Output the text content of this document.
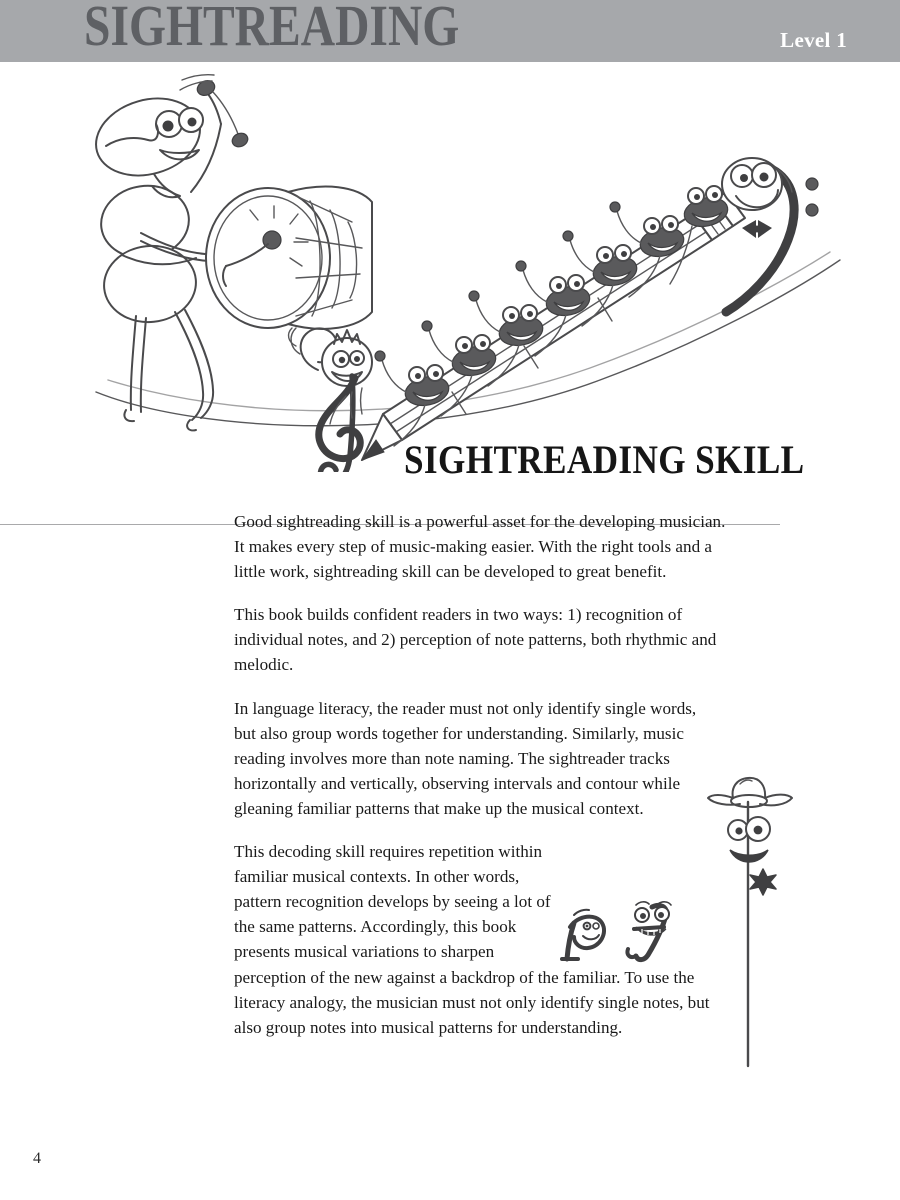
SIGHTREADING	Level 1
SIGHTREADING SKILL

Good sightreading skill is a powerful asset for the developing musician. It makes every step of music-making easier. With the right tools and a little work, sightreading skill can be developed to great benefit.

This book builds confident readers in two ways: 1) recognition of individual notes, and 2) perception of note patterns, both rhythmic and melodic.

In language literacy, the reader must not only identify single words, but also group words together for understanding. Similarly, music reading involves more than note naming. The sightreader tracks horizontally and vertically, observing intervals and contour while gleaning familiar patterns that make up the musical context.

This decoding skill requires repetition within familiar musical contexts. In other words, pattern recognition develops by seeing a lot of the same patterns. Accordingly, this book presents musical variations to sharpen

perception of the new against a backdrop of the familiar. To use the literacy analogy, the musician must not only identify single notes, but also group notes into musical patterns for understanding.

4
